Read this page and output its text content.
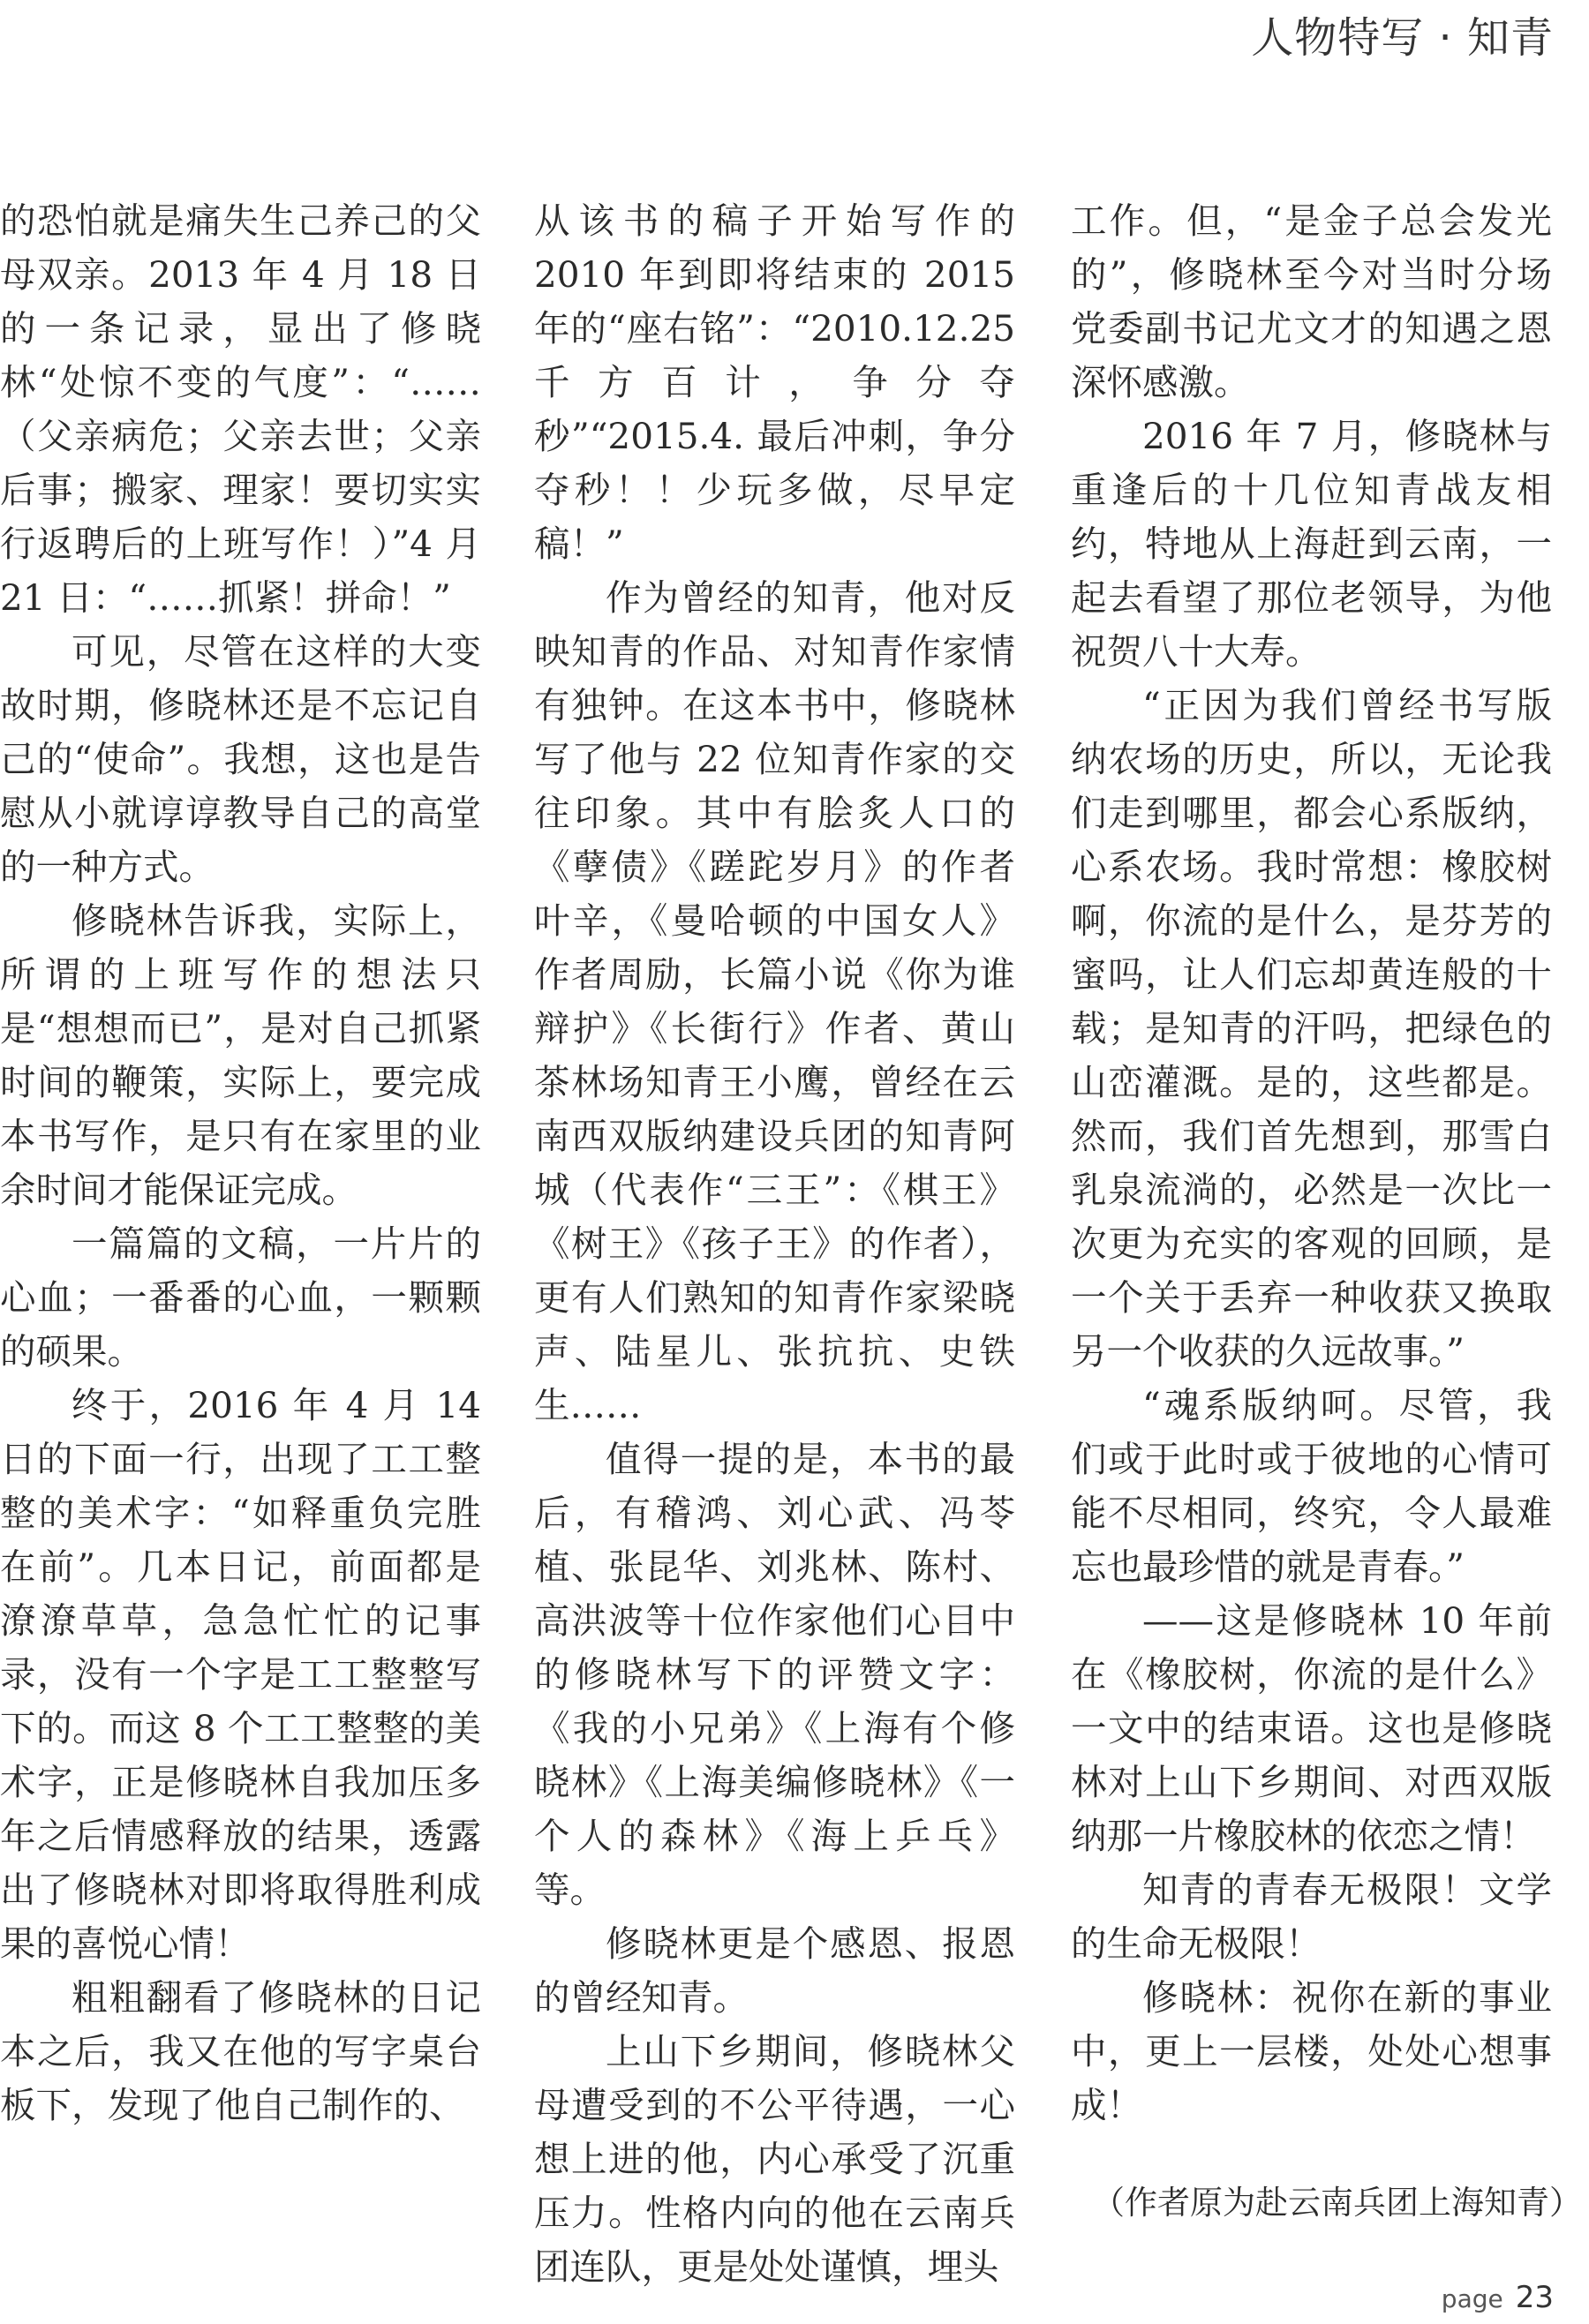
人物特写 · 知青

的恐怕就是痛失生己养己的父母双亲。2013 年 4 月 18 日的一条记录，显出了修晓林“处惊不变的气度”：“……（父亲病危；父亲去世；父亲后事；搬家、理家！要切实实行返聘后的上班写作！）”4 月 21 日：“……抓紧！拼命！”

可见，尽管在这样的大变故时期，修晓林还是不忘记自己的“使命”。我想，这也是告慰从小就谆谆教导自己的高堂的一种方式。

修晓林告诉我，实际上，所谓的上班写作的想法只是“想想而已”，是对自己抓紧时间的鞭策，实际上，要完成本书写作，是只有在家里的业余时间才能保证完成。

一篇篇的文稿，一片片的心血；一番番的心血，一颗颗的硕果。

终于，2016 年 4 月 14 日的下面一行，出现了工工整整的美术字：“如释重负完胜在前”。几本日记，前面都是潦潦草草，急急忙忙的记事录，没有一个字是工工整整写下的。而这 8 个工工整整的美术字，正是修晓林自我加压多年之后情感释放的结果，透露出了修晓林对即将取得胜利成果的喜悦心情！

粗粗翻看了修晓林的日记本之后，我又在他的写字桌台板下，发现了他自己制作的、

从该书的稿子开始写作的 2010 年到即将结束的 2015 年的“座右铭”：“2010.12.25 千方百计，争分夺秒”“2015.4. 最后冲刺，争分夺秒！！少玩多做，尽早定稿！”

作为曾经的知青，他对反映知青的作品、对知青作家情有独钟。在这本书中，修晓林写了他与 22 位知青作家的交往印象。其中有脍炙人口的《孽债》《蹉跎岁月》的作者叶辛，《曼哈顿的中国女人》作者周励，长篇小说《你为谁辩护》《长街行》作者、黄山茶林场知青王小鹰，曾经在云南西双版纳建设兵团的知青阿城（代表作“三王”：《棋王》《树王》《孩子王》的作者），更有人们熟知的知青作家梁晓声、陆星儿、张抗抗、史铁生……

值得一提的是，本书的最后，有稽鸿、刘心武、冯苓植、张昆华、刘兆林、陈村、高洪波等十位作家他们心目中的修晓林写下的评赞文字：《我的小兄弟》《上海有个修晓林》《上海美编修晓林》《一个人的森林》《海上乒乓》等。

修晓林更是个感恩、报恩的曾经知青。

上山下乡期间，修晓林父母遭受到的不公平待遇，一心想上进的他，内心承受了沉重压力。性格内向的他在云南兵团连队，更是处处谨慎，埋头

工作。但，“是金子总会发光的”，修晓林至今对当时分场党委副书记尤文才的知遇之恩深怀感激。

2016 年 7 月，修晓林与重逢后的十几位知青战友相约，特地从上海赶到云南，一起去看望了那位老领导，为他祝贺八十大寿。

“正因为我们曾经书写版纳农场的历史，所以，无论我们走到哪里，都会心系版纳，心系农场。我时常想：橡胶树啊，你流的是什么，是芬芳的蜜吗，让人们忘却黄连般的十载；是知青的汗吗，把绿色的山峦灌溉。是的，这些都是。然而，我们首先想到，那雪白乳泉流淌的，必然是一次比一次更为充实的客观的回顾，是一个关于丢弃一种收获又换取另一个收获的久远故事。”

“魂系版纳呵。尽管，我们或于此时或于彼地的心情可能不尽相同，终究，令人最难忘也最珍惜的就是青春。”

——这是修晓林 10 年前在《橡胶树，你流的是什么》一文中的结束语。这也是修晓林对上山下乡期间、对西双版纳那一片橡胶林的依恋之情！

知青的青春无极限！文学的生命无极限！

修晓林：祝你在新的事业中，更上一层楼，处处心想事成！

（作者原为赴云南兵团上海知青）
page 23
